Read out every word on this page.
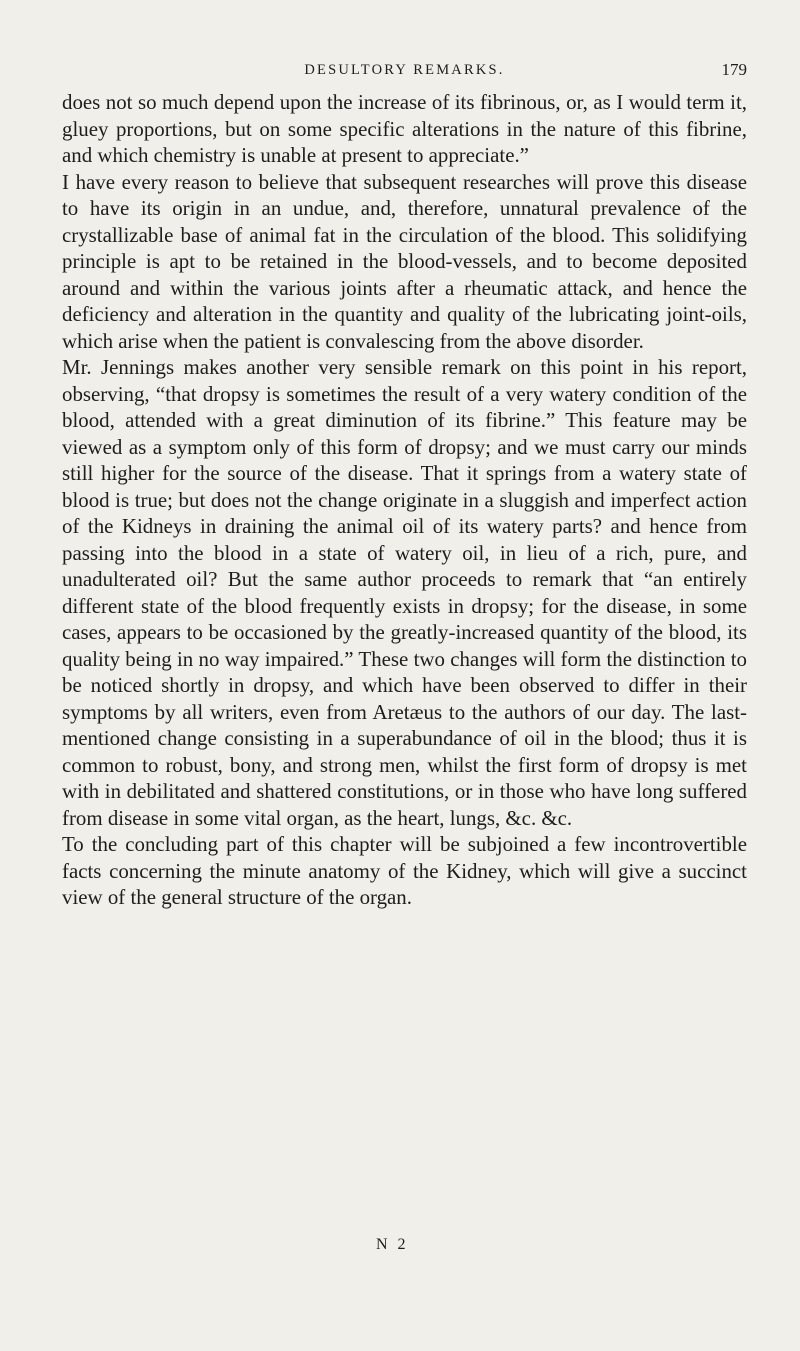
DESULTORY REMARKS.	179

does not so much depend upon the increase of its fibrinous, or, as I would term it, gluey proportions, but on some specific alterations in the nature of this fibrine, and which chemistry is unable at present to appreciate.”

I have every reason to believe that subsequent researches will prove this disease to have its origin in an undue, and, therefore, unnatural prevalence of the crystallizable base of animal fat in the circulation of the blood. This solidifying principle is apt to be retained in the blood-vessels, and to become deposited around and within the various joints after a rheumatic attack, and hence the deficiency and alteration in the quantity and quality of the lubricating joint-oils, which arise when the patient is convalescing from the above disorder.

Mr. Jennings makes another very sensible remark on this point in his report, observing, “that dropsy is sometimes the result of a very watery condition of the blood, attended with a great diminution of its fibrine.” This feature may be viewed as a symptom only of this form of dropsy; and we must carry our minds still higher for the source of the disease. That it springs from a watery state of blood is true; but does not the change originate in a sluggish and imperfect action of the Kidneys in draining the animal oil of its watery parts? and hence from passing into the blood in a state of watery oil, in lieu of a rich, pure, and unadulterated oil? But the same author proceeds to remark that “an entirely different state of the blood frequently exists in dropsy; for the disease, in some cases, appears to be occasioned by the greatly-increased quantity of the blood, its quality being in no way impaired.” These two changes will form the distinction to be noticed shortly in dropsy, and which have been observed to differ in their symptoms by all writers, even from Aretæus to the authors of our day. The last-mentioned change consisting in a superabundance of oil in the blood; thus it is common to robust, bony, and strong men, whilst the first form of dropsy is met with in debilitated and shattered constitutions, or in those who have long suffered from disease in some vital organ, as the heart, lungs, &c. &c.

To the concluding part of this chapter will be subjoined a few incontrovertible facts concerning the minute anatomy of the Kidney, which will give a succinct view of the general structure of the organ.

N 2
